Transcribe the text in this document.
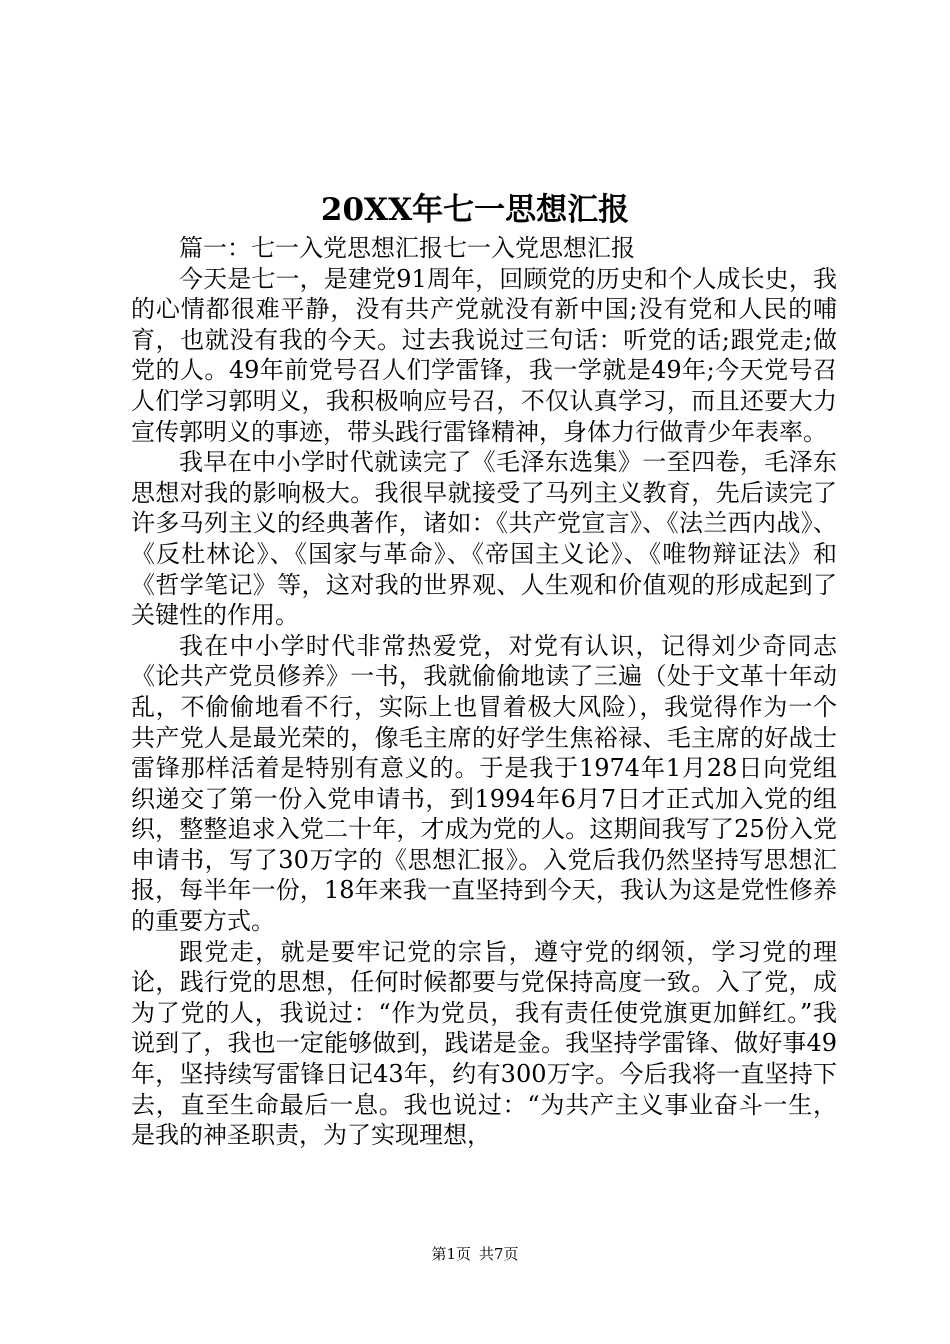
20XX年七一思想汇报

篇一：七一入党思想汇报七一入党思想汇报

今天是七一，是建党91周年，回顾党的历史和个人成长史，我的心情都很难平静，没有共产党就没有新中国;没有党和人民的哺育，也就没有我的今天。过去我说过三句话：听党的话;跟党走;做党的人。49年前党号召人们学雷锋，我一学就是49年;今天党号召人们学习郭明义，我积极响应号召，不仅认真学习，而且还要大力宣传郭明义的事迹，带头践行雷锋精神，身体力行做青少年表率。

我早在中小学时代就读完了《毛泽东选集》一至四卷，毛泽东思想对我的影响极大。我很早就接受了马列主义教育，先后读完了许多马列主义的经典著作，诸如：《共产党宣言》、《法兰西内战》、《反杜林论》、《国家与革命》、《帝国主义论》、《唯物辩证法》和《哲学笔记》等，这对我的世界观、人生观和价值观的形成起到了关键性的作用。

我在中小学时代非常热爱党，对党有认识，记得刘少奇同志《论共产党员修养》一书，我就偷偷地读了三遍（处于文革十年动乱，不偷偷地看不行，实际上也冒着极大风险），我觉得作为一个共产党人是最光荣的，像毛主席的好学生焦裕禄、毛主席的好战士雷锋那样活着是特别有意义的。于是我于1974年1月28日向党组织递交了第一份入党申请书，到1994年6月7日才正式加入党的组织，整整追求入党二十年，才成为党的人。这期间我写了25份入党申请书，写了30万字的《思想汇报》。入党后我仍然坚持写思想汇报，每半年一份，18年来我一直坚持到今天，我认为这是党性修养的重要方式。

跟党走，就是要牢记党的宗旨，遵守党的纲领，学习党的理论，践行党的思想，任何时候都要与党保持高度一致。入了党，成为了党的人，我说过：“作为党员，我有责任使党旗更加鲜红。”我说到了，我也一定能够做到，践诺是金。我坚持学雷锋、做好事49年，坚持续写雷锋日记43年，约有300万字。今后我将一直坚持下去，直至生命最后一息。我也说过：“为共产主义事业奋斗一生，是我的神圣职责，为了实现理想，

第1页 共7页
